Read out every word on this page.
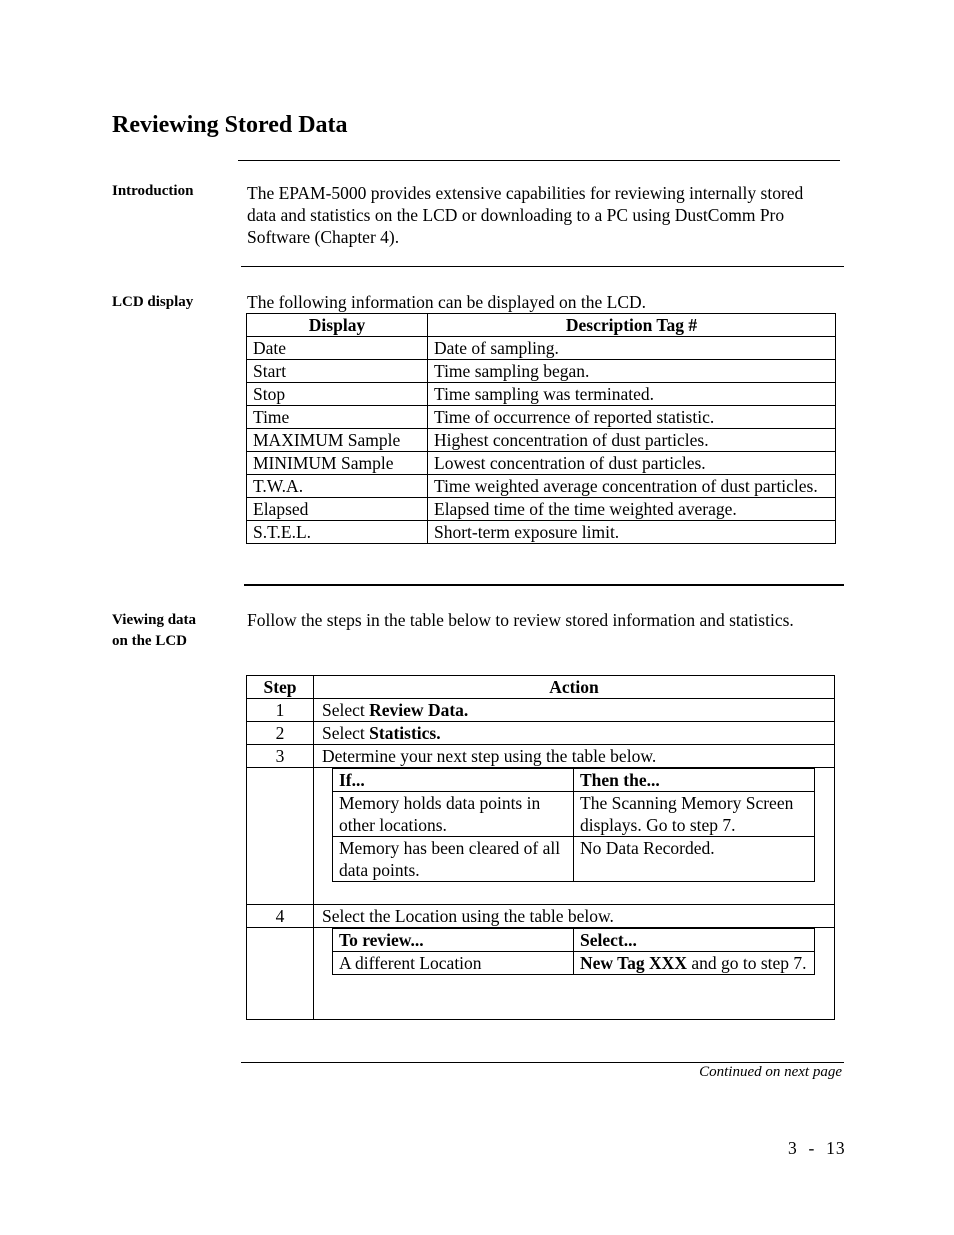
Reviewing Stored Data
Introduction	The EPAM-5000 provides extensive capabilities for reviewing internally stored data and statistics on the LCD or downloading to a PC using DustComm Pro Software (Chapter 4).
LCD display	The following information can be displayed on the LCD.
Display	Description Tag #
Date	Date of sampling.
Start	Time sampling began.
Stop	Time sampling was terminated.
Time	Time of occurrence of reported statistic.
MAXIMUM Sample	Highest concentration of dust particles.
MINIMUM Sample	Lowest concentration of dust particles.
T.W.A.	Time weighted average concentration of dust particles.
Elapsed	Elapsed time of the time weighted average.
S.T.E.L.	Short-term exposure limit.
Viewing data
on the LCD
Follow the steps in the table below to review stored information and statistics.
Step	Action
1	Select Review Data.
2	Select Statistics.
3	Determine your next step using the table below.

If...	Then the...
Memory holds data points in other locations.	The Scanning Memory Screen displays. Go to step 7.
Memory has been cleared of all data points.	No Data Recorded.

4	Select the Location using the table below.

To review...	Select...
A different Location	New Tag XXX and go to step 7.
Continued on next page
3  -  13
